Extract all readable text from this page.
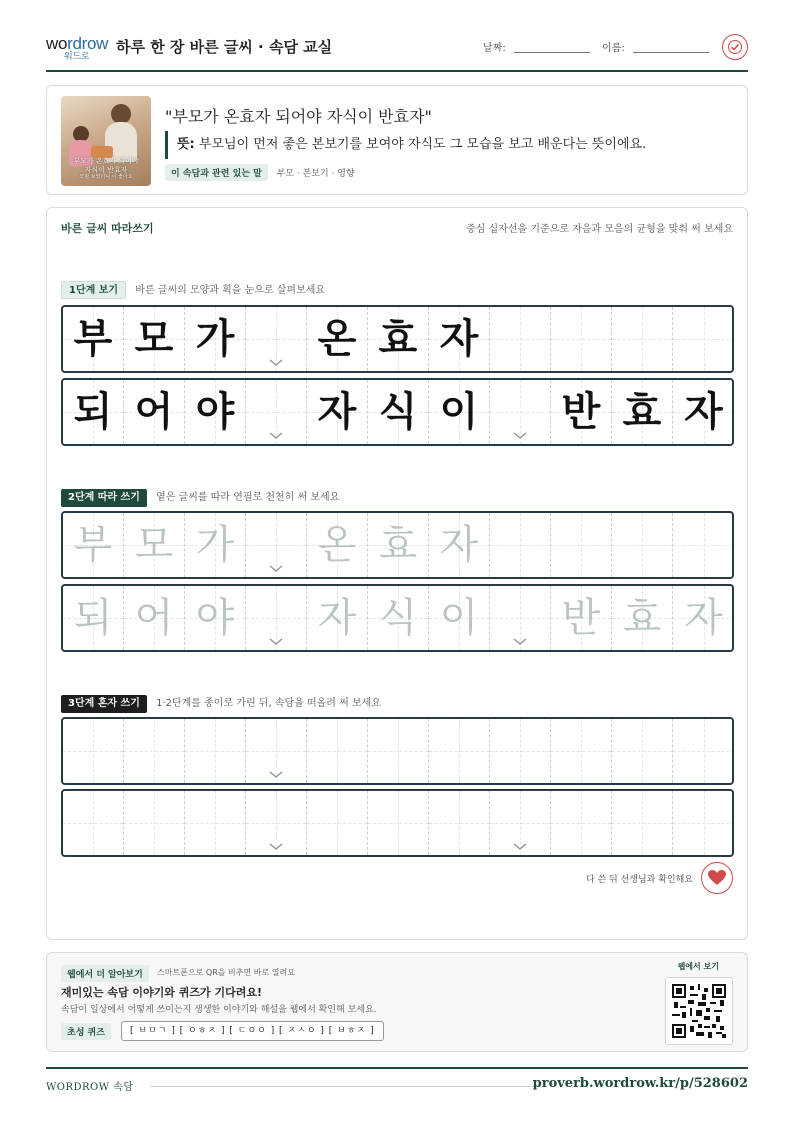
wordrow
워드로	하루 한 장 바른 글씨 · 속담 교실	날짜:	이름:
부모가 온효자 되어야
자식이 반효자
모범 보였더니 이 좋아요
"부모가 온효자 되어야 자식이 반효자"
뜻: 부모님이 먼저 좋은 본보기를 보여야 자식도 그 모습을 보고 배운다는 뜻이에요.
이 속담과 관련 있는 말 부모 · 본보기 · 영향
바른 글씨 따라쓰기	중심 십자선을 기준으로 자음과 모음의 균형을 맞춰 써 보세요
1단계 보기 바른 글씨의 모양과 획을 눈으로 살펴보세요
부 모 가 온 효 자
되 어 야 자 식 이 반 효 자
2단계 따라 쓰기 옅은 글씨를 따라 연필로 천천히 써 보세요
부 모 가 온 효 자
되 어 야 자 식 이 반 효 자
3단계 혼자 쓰기 1·2단계를 종이로 가린 뒤, 속담을 떠올려 써 보세요
다 쓴 뒤 선생님과 확인해요
웹에서 더 알아보기	스마트폰으로 QR을 비추면 바로 열려요
재미있는 속담 이야기와 퀴즈가 기다려요!
속담이 일상에서 어떻게 쓰이는지 생생한 이야기와 해설을 웹에서 확인해 보세요.
초성 퀴즈	[ ㅂㅁㄱ ] [ ㅇㅎㅈ ] [ ㄷㅇㅇ ] [ ㅈㅅㅇ ] [ ㅂㅎㅈ ]
웹에서 보기
WORDROW 속담	proverb.wordrow.kr/p/528602
